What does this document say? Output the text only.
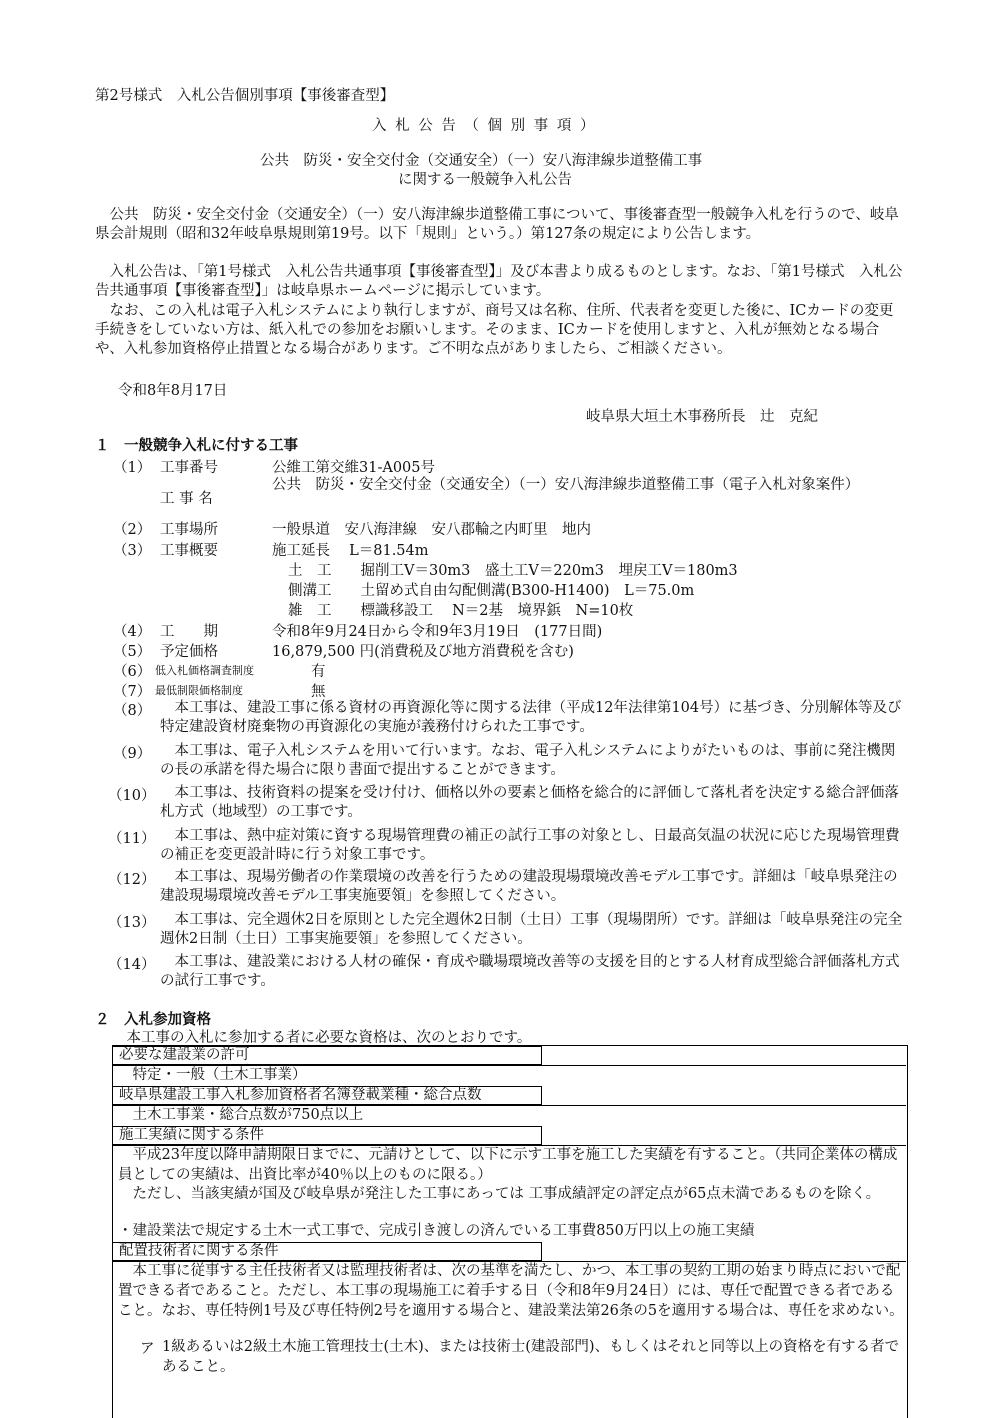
第2号様式　入札公告個別事項【事後審査型】
入 札 公 告 （ 個 別 事 項 ）
公共　防災・安全交付金（交通安全）（一）安八海津線歩道整備工事
に関する一般競争入札公告
　公共　防災・安全交付金（交通安全）（一）安八海津線歩道整備工事について、事後審査型一般競争入札を行うので、岐阜県会計規則（昭和32年岐阜県規則第19号。以下「規則」という。）第127条の規定により公告します。
　入札公告は、「第1号様式　入札公告共通事項【事後審査型】」及び本書より成るものとします。なお、「第1号様式　入札公告共通事項【事後審査型】」は岐阜県ホームページに掲示しています。
　なお、この入札は電子入札システムにより執行しますが、商号又は名称、住所、代表者を変更した後に、ICカードの変更手続きをしていない方は、紙入札での参加をお願いします。そのまま、ICカードを使用しますと、入札が無効となる場合や、入札参加資格停止措置となる場合があります。ご不明な点がありましたら、ご相談ください。
令和8年8月17日
岐阜県大垣土木事務所長　辻　克紀
１　一般競争入札に付する工事
（1） 工事番号	公維工第交維31-A005号
工 事 名
公共　防災・安全交付金（交通安全）（一）安八海津線歩道整備工事（電子入札対象案件）
（2） 工事場所	一般県道　安八海津線　安八郡輪之内町里　地内
（3） 工事概要	施工延長　 L＝81.54m
土　工　　掘削工V＝30m3　盛土工V＝220m3　埋戻工V＝180m3
側溝工　　土留め式自由勾配側溝(B300-H1400)　L＝75.0m
雑　工　　標識移設工　 N＝2基　境界鋲　N=10枚
（4） 工　　期	令和8年9月24日から令和9年3月19日　(177日間)
（5） 予定価格	16,879,500 円(消費税及び地方消費税を含む)
（6） 低入札価格調査制度	有
（7） 最低制限価格制度	無
（8） 　本工事は、建設工事に係る資材の再資源化等に関する法律（平成12年法律第104号）に基づき、分別解体等及び特定建設資材廃棄物の再資源化の実施が義務付けられた工事です。
（9） 　本工事は、電子入札システムを用いて行います。なお、電子入札システムによりがたいものは、事前に発注機関の長の承諾を得た場合に限り書面で提出することができます。
（10） 　本工事は、技術資料の提案を受け付け、価格以外の要素と価格を総合的に評価して落札者を決定する総合評価落札方式（地域型）の工事です。
（11） 　本工事は、熱中症対策に資する現場管理費の補正の試行工事の対象とし、日最高気温の状況に応じた現場管理費の補正を変更設計時に行う対象工事です。
（12） 　本工事は、現場労働者の作業環境の改善を行うための建設現場環境改善モデル工事です。詳細は「岐阜県発注の建設現場環境改善モデル工事実施要領」を参照してください。
（13） 　本工事は、完全週休2日を原則とした完全週休2日制（土日）工事（現場閉所）です。詳細は「岐阜県発注の完全週休2日制（土日）工事実施要領」を参照してください。
（14） 　本工事は、建設業における人材の確保・育成や職場環境改善等の支援を目的とする人材育成型総合評価落札方式の試行工事です。
２　入札参加資格
　本工事の入札に参加する者に必要な資格は、次のとおりです。
必要な建設業の許可
　特定・一般（土木工事業）
岐阜県建設工事入札参加資格者名簿登載業種・総合点数
　土木工事業・総合点数が750点以上
施工実績に関する条件
　平成23年度以降申請期限日までに、元請けとして、以下に示す工事を施工した実績を有すること。（共同企業体の構成員としての実績は、出資比率が40％以上のものに限る。）
　ただし、当該実績が国及び岐阜県が発注した工事にあっては 工事成績評定の評定点が65点未満であるものを除く。
・建設業法で規定する土木一式工事で、完成引き渡しの済んでいる工事費850万円以上の施工実績
配置技術者に関する条件
　本工事に従事する主任技術者又は監理技術者は、次の基準を満たし、かつ、本工事の契約工期の始まり時点においで配置できる者であること。ただし、本工事の現場施工に着手する日（令和8年9月24日）には、専任で配置できる者であること。なお、専任特例1号及び専任特例2号を適用する場合と、建設業法第26条の5を適用する場合は、専任を求めない。
ア 1級あるいは2級土木施工管理技士(土木)、または技術士(建設部門)、もしくはそれと同等以上の資格を有する者であること。
